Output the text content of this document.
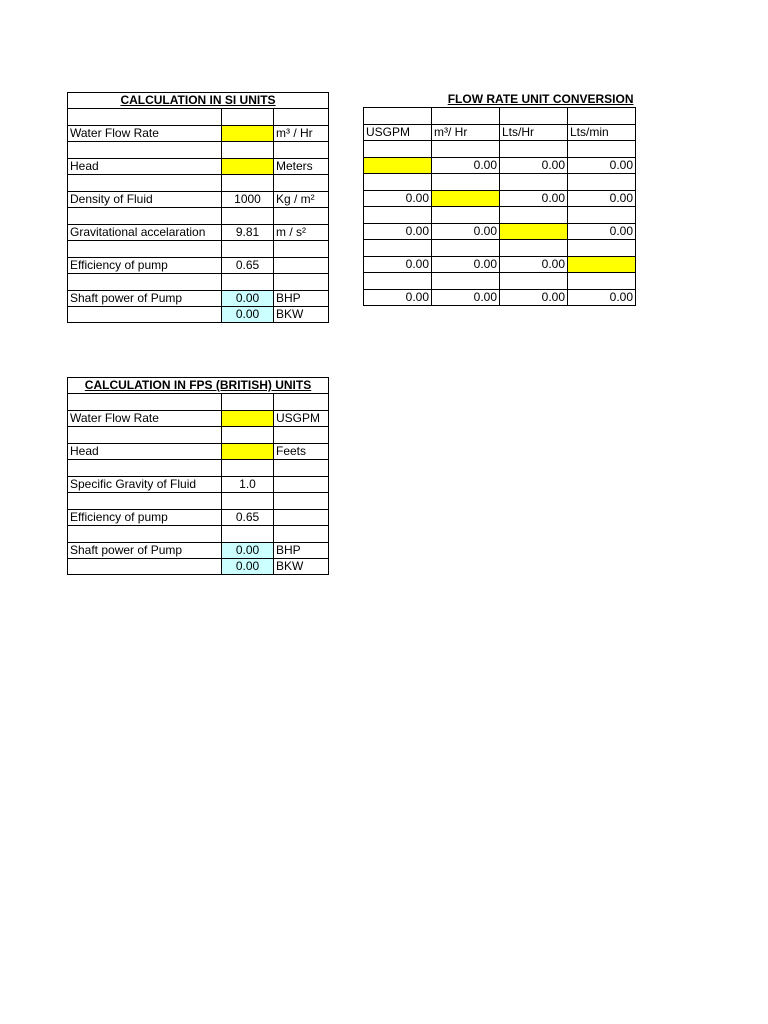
CALCULATION IN SI UNITS		

Water Flow Rate		m³ / Hr

Head		Meters

Density of Fluid	1000	Kg / m²

Gravitational accelaration	9.81	m / s²

Efficiency of pump	0.65	

Shaft power of Pump	0.00	BHP
	0.00	BKW
FLOW RATE UNIT CONVERSION			

USGPM	m³/ Hr	Lts/Hr	Lts/min

	0.00	0.00	0.00

0.00		0.00	0.00

0.00	0.00		0.00

0.00	0.00	0.00	

0.00	0.00	0.00	0.00
CALCULATION IN FPS (BRITISH) UNITS		

Water Flow Rate		USGPM

Head		Feets

Specific Gravity of Fluid	1.0	

Efficiency of pump	0.65	

Shaft power of Pump	0.00	BHP
	0.00	BKW
